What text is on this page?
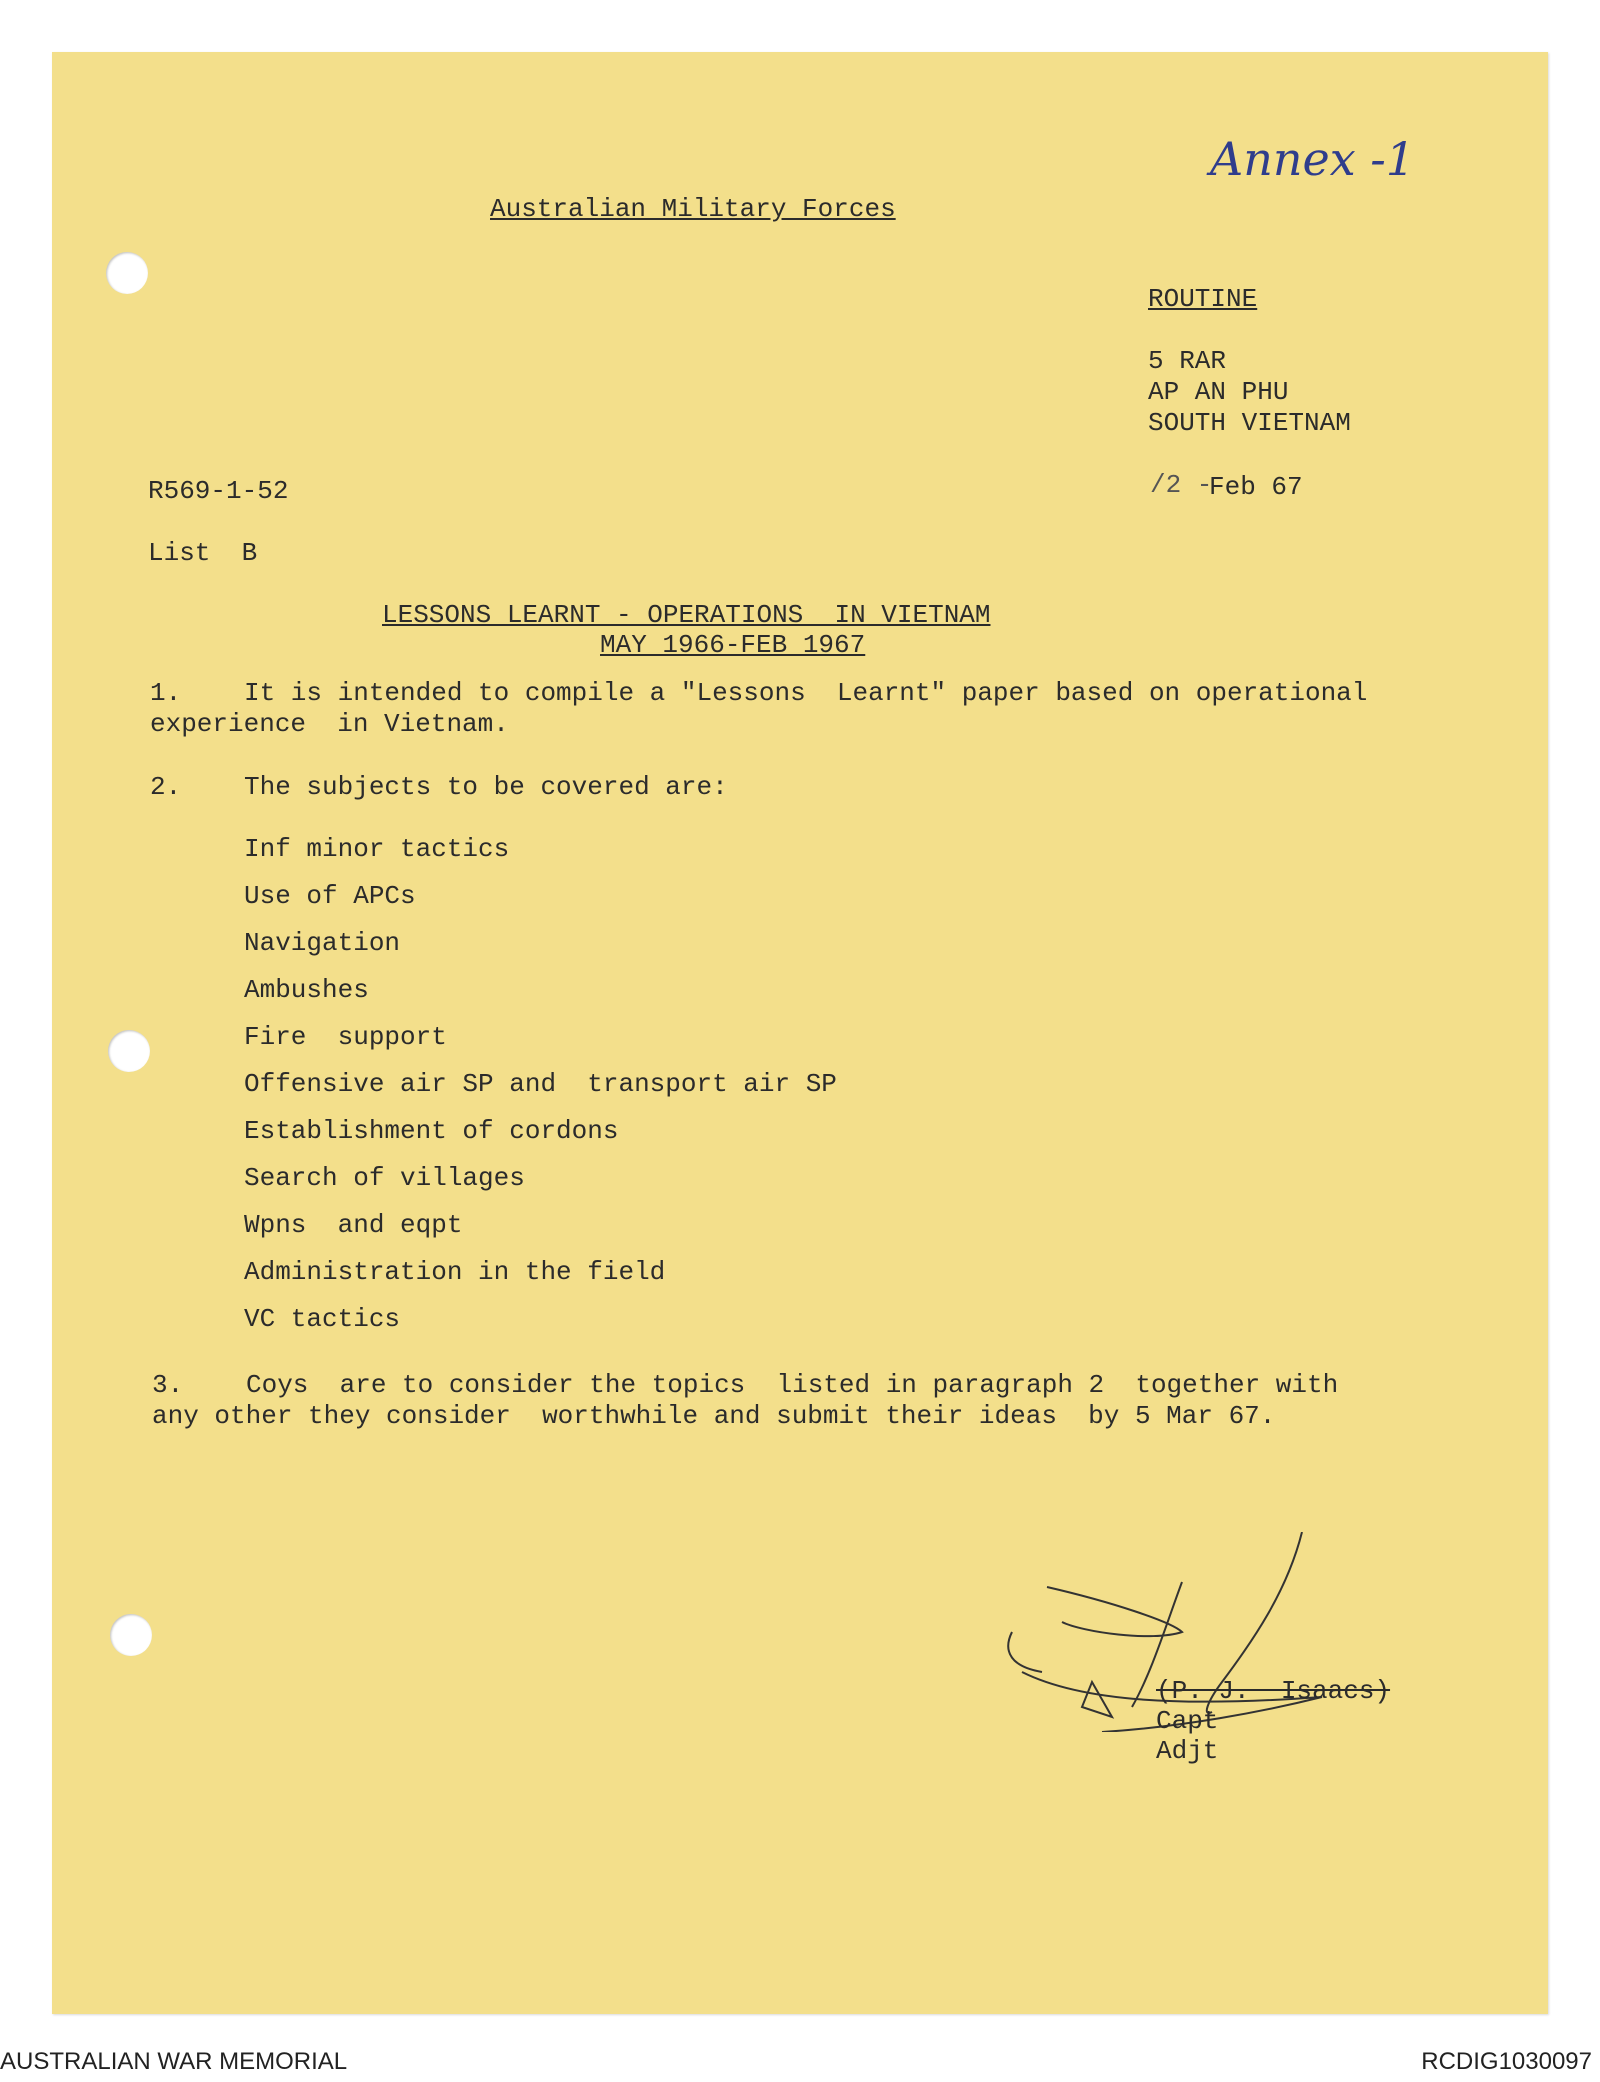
Annex -1
Australian Military Forces
ROUTINE
5 RAR
AP AN PHU
SOUTH VIETNAM
/2 -
Feb 67
R569-1-52
List  B
LESSONS LEARNT - OPERATIONS  IN VIETNAM
MAY 1966-FEB 1967
1. It is intended to compile a "Lessons  Learnt" paper based on operational
experience  in Vietnam.
2. The subjects to be covered are:
Inf minor tactics
Use of APCs
Navigation
Ambushes
Fire  support
Offensive air SP and  transport air SP
Establishment of cordons
Search of villages
Wpns  and eqpt
Administration in the field
VC tactics
3. Coys  are to consider the topics  listed in paragraph 2  together with
any other they consider  worthwhile and submit their ideas  by 5 Mar 67.
(P. J.  Isaacs)
Capt
Adjt
AUSTRALIAN WAR MEMORIAL	RCDIG1030097
